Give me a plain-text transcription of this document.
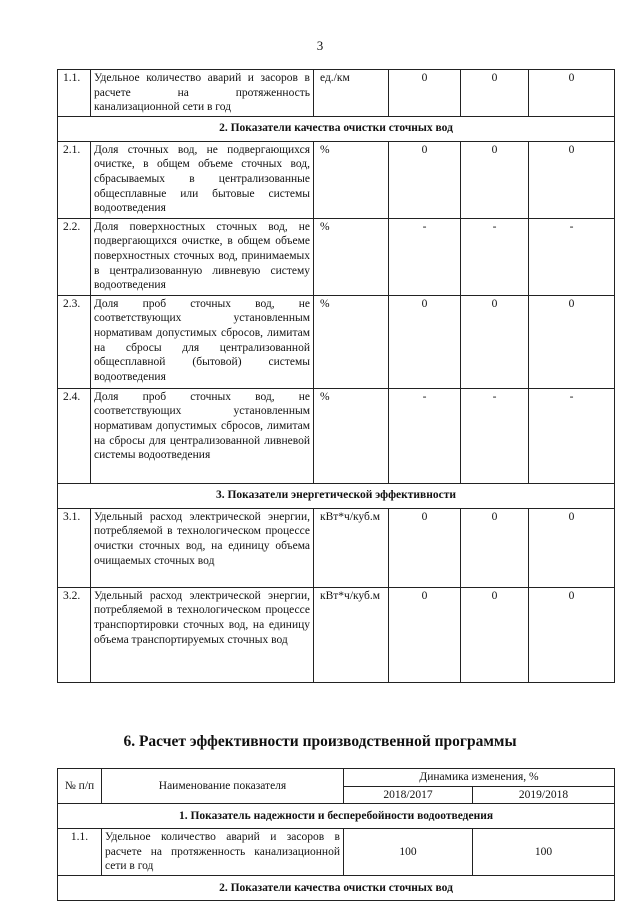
3
1.1.	Удельное количество аварий и засоров в расчете на протяженность канализационной сети в год	ед./км	0	0	0
2. Показатели качества очистки сточных вод					
2.1.	Доля сточных вод, не подвергающихся очистке, в общем объеме сточных вод, сбрасываемых в централизованные общесплавные или бытовые системы водоотведения	%	0	0	0
2.2.	Доля поверхностных сточных вод, не подвергающихся очистке, в общем объеме поверхностных сточных вод, принимаемых в централизованную ливневую систему водоотведения	%	-	-	-
2.3.	Доля проб сточных вод, не соответствующих установленным нормативам допустимых сбросов, лимитам на сбросы для централизованной общесплавной (бытовой) системы водоотведения	%	0	0	0
2.4.	Доля проб сточных вод, не соответствующих установленным нормативам допустимых сбросов, лимитам на сбросы для централизованной ливневой системы водоотведения	%	-	-	-
3. Показатели энергетической эффективности					
3.1.	Удельный расход электрической энергии, потребляемой в технологическом процессе очистки сточных вод, на единицу объема очищаемых сточных вод	кВт*ч/куб.м	0	0	0
3.2.	Удельный расход электрической энергии, потребляемой в технологическом процессе транспортировки сточных вод, на единицу объема транспортируемых сточных вод	кВт*ч/куб.м	0	0	0
6. Расчет эффективности производственной программы
№ п/п	Наименование показателя	Динамика изменения, %	
		2018/2017	2019/2018
1. Показатель надежности и бесперебойности водоотведения			
1.1.	Удельное количество аварий и засоров в расчете на протяженность канализационной сети в год	100	100
2. Показатели качества очистки сточных вод			
